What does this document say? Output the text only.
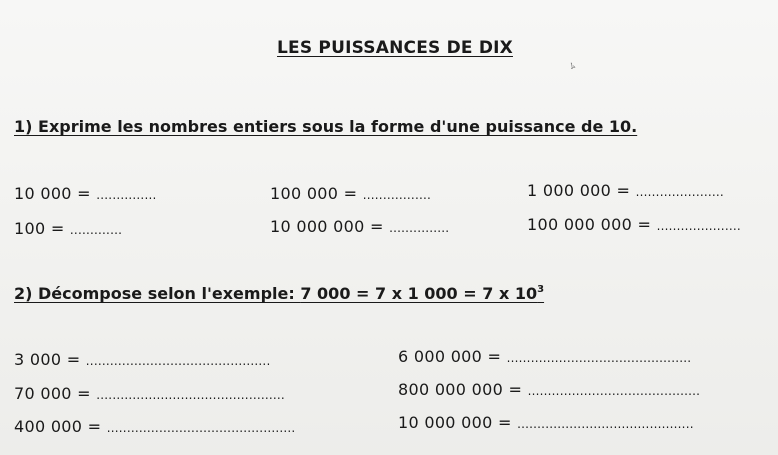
LES PUISSANCES DE DIX
ﾑ
1) Exprime les nombres entiers sous la forme d'une puissance de 10.
10 000 = ...............	100 000 = .................	1 000 000 = ......................
100 = .............	10 000 000 = ...............	100 000 000 = .....................
2) Décompose selon l'exemple: 7 000 = 7 x 1 000 = 7 x $10^3$
3 000 = ..............................................	6 000 000 = ..............................................
70 000 = ...............................................	800 000 000 = ...........................................
400 000 = ...............................................	10 000 000 = ............................................
